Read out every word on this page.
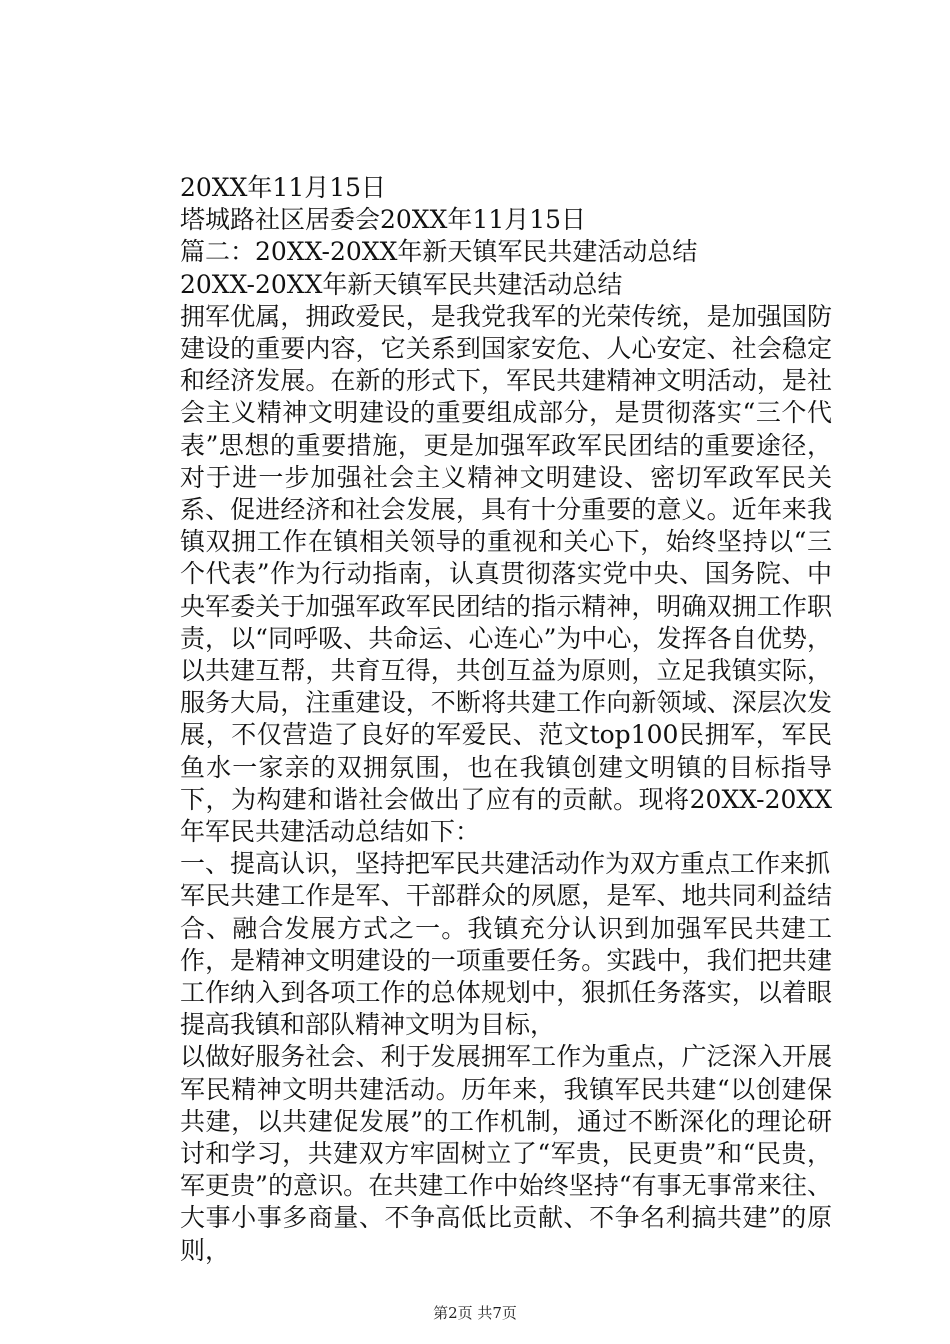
20XX年11月15日
塔城路社区居委会20XX年11月15日
篇二：20XX-20XX年新天镇军民共建活动总结
20XX-20XX年新天镇军民共建活动总结
拥军优属，拥政爱民，是我党我军的光荣传统，是加强国防建设的重要内容，它关系到国家安危、人心安定、社会稳定和经济发展。在新的形式下，军民共建精神文明活动，是社会主义精神文明建设的重要组成部分，是贯彻落实“三个代表”思想的重要措施，更是加强军政军民团结的重要途径，对于进一步加强社会主义精神文明建设、密切军政军民关系、促进经济和社会发展，具有十分重要的意义。近年来我镇双拥工作在镇相关领导的重视和关心下，始终坚持以“三个代表”作为行动指南，认真贯彻落实党中央、国务院、中央军委关于加强军政军民团结的指示精神，明确双拥工作职责，以“同呼吸、共命运、心连心”为中心，发挥各自优势，以共建互帮，共育互得，共创互益为原则，立足我镇实际，服务大局，注重建设，不断将共建工作向新领域、深层次发展，不仅营造了良好的军爱民、范文top100民拥军，军民鱼水一家亲的双拥氛围，也在我镇创建文明镇的目标指导下，为构建和谐社会做出了应有的贡献。现将20XX-20XX年军民共建活动总结如下：
一、提高认识，坚持把军民共建活动作为双方重点工作来抓
军民共建工作是军、干部群众的夙愿，是军、地共同利益结合、融合发展方式之一。我镇充分认识到加强军民共建工作，是精神文明建设的一项重要任务。实践中，我们把共建工作纳入到各项工作的总体规划中，狠抓任务落实，以着眼提高我镇和部队精神文明为目标，
以做好服务社会、利于发展拥军工作为重点，广泛深入开展军民精神文明共建活动。历年来，我镇军民共建“以创建保共建，以共建促发展”的工作机制，通过不断深化的理论研讨和学习，共建双方牢固树立了“军贵，民更贵”和“民贵，军更贵”的意识。在共建工作中始终坚持“有事无事常来往、大事小事多商量、不争高低比贡献、不争名利搞共建”的原则，
第2页 共7页
